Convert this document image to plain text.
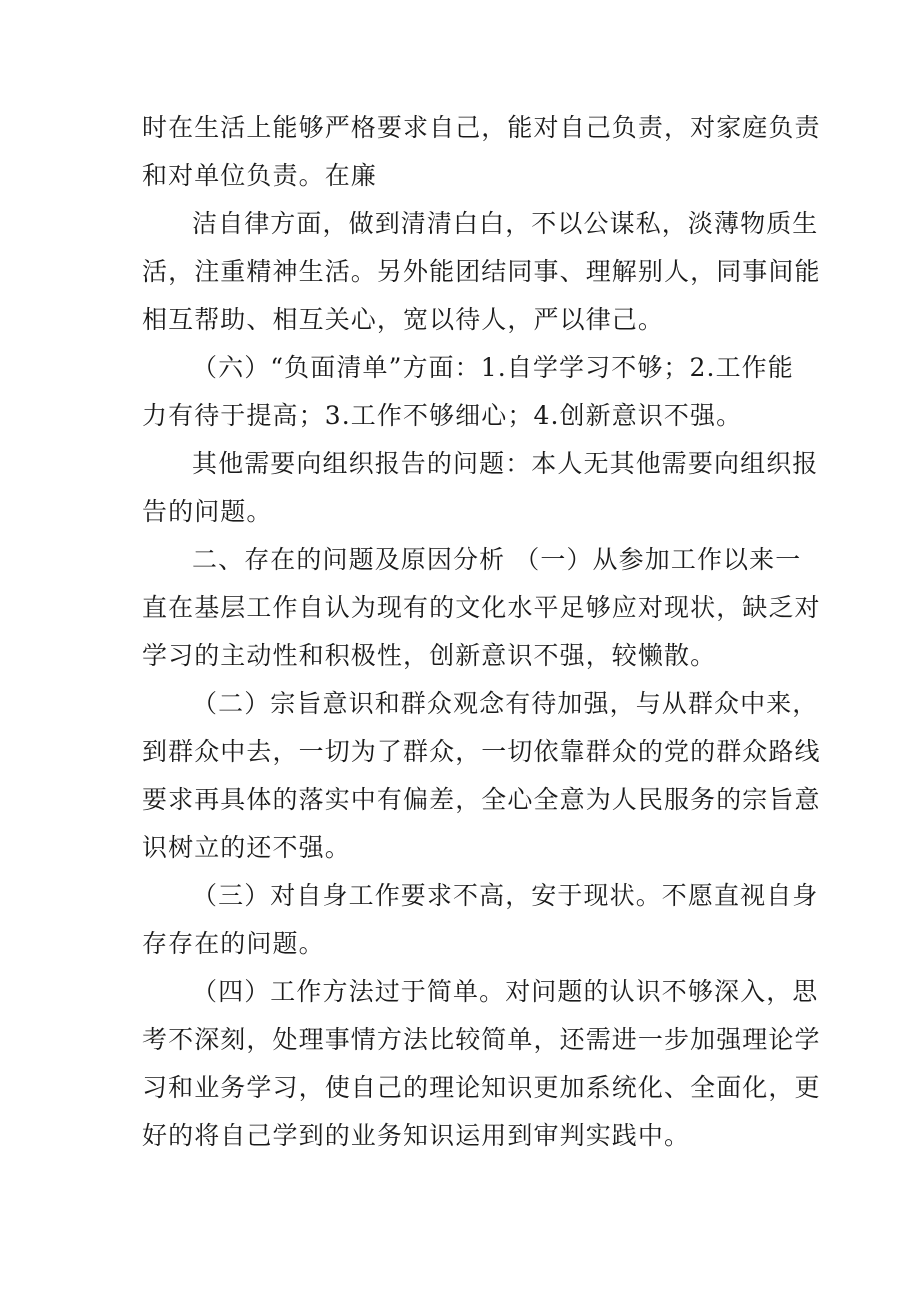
时在生活上能够严格要求自己，能对自己负责，对家庭负责
和对单位负责。在廉
洁自律方面，做到清清白白，不以公谋私，淡薄物质生
活，注重精神生活。另外能团结同事、理解别人，同事间能
相互帮助、相互关心，宽以待人，严以律己。
（六）“负面清单”方面：1.自学学习不够；2.工作能
力有待于提高；3.工作不够细心；4.创新意识不强。
其他需要向组织报告的问题：本人无其他需要向组织报
告的问题。
二、存在的问题及原因分析 （一）从参加工作以来一
直在基层工作自认为现有的文化水平足够应对现状，缺乏对
学习的主动性和积极性，创新意识不强，较懒散。
（二）宗旨意识和群众观念有待加强，与从群众中来，
到群众中去，一切为了群众，一切依靠群众的党的群众路线
要求再具体的落实中有偏差，全心全意为人民服务的宗旨意
识树立的还不强。
（三）对自身工作要求不高，安于现状。不愿直视自身
存存在的问题。
（四）工作方法过于简单。对问题的认识不够深入，思
考不深刻，处理事情方法比较简单，还需进一步加强理论学
习和业务学习，使自己的理论知识更加系统化、全面化，更
好的将自己学到的业务知识运用到审判实践中。
